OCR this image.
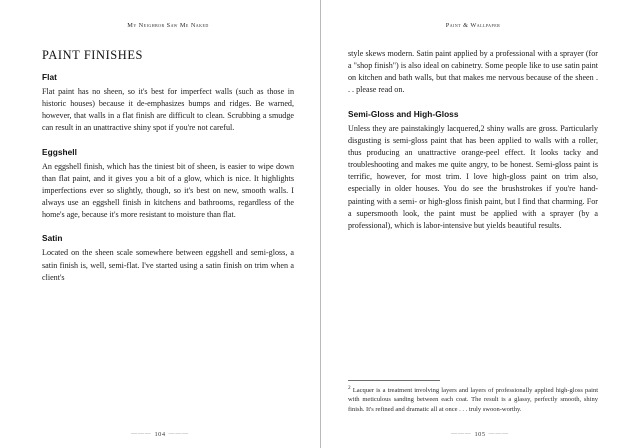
My Neighbor Saw Me Naked
PAINT FINISHES
Flat

Flat paint has no sheen, so it's best for imperfect walls (such as those in historic houses) because it de-emphasizes bumps and ridges. Be warned, however, that walls in a flat finish are difficult to clean. Scrubbing a smudge can result in an unattractive shiny spot if you're not careful.

Eggshell

An eggshell finish, which has the tiniest bit of sheen, is easier to wipe down than flat paint, and it gives you a bit of a glow, which is nice. It highlights imperfections ever so slightly, though, so it's best on new, smooth walls. I always use an eggshell finish in kitchens and bathrooms, regardless of the home's age, because it's more resistant to moisture than flat.

Satin

Located on the sheen scale somewhere between eggshell and semi-gloss, a satin finish is, well, semi-flat. I've started using a satin finish on trim when a client's

——— 104 ———
Paint & Wallpaper

style skews modern. Satin paint applied by a professional with a sprayer (for a "shop finish") is also ideal on cabinetry. Some people like to use satin paint on kitchen and bath walls, but that makes me nervous because of the sheen . . . please read on.

Semi-Gloss and High-Gloss

Unless they are painstakingly lacquered,2 shiny walls are gross. Particularly disgusting is semi-gloss paint that has been applied to walls with a roller, thus producing an unattractive orange-peel effect. It looks tacky and troubleshooting and makes me quite angry, to be honest. Semi-gloss paint is terrific, however, for most trim. I love high-gloss paint on trim also, especially in older houses. You do see the brushstrokes if you're hand-painting with a semi- or high-gloss finish paint, but I find that charming. For a supersmooth look, the paint must be applied with a sprayer (by a professional), which is labor-intensive but yields beautiful results.

$^2$ Lacquer is a treatment involving layers and layers of professionally applied high-gloss paint with meticulous sanding between each coat. The result is a glassy, perfectly smooth, shiny finish. It's refined and dramatic all at once . . . truly swoon-worthy.

——— 105 ———
